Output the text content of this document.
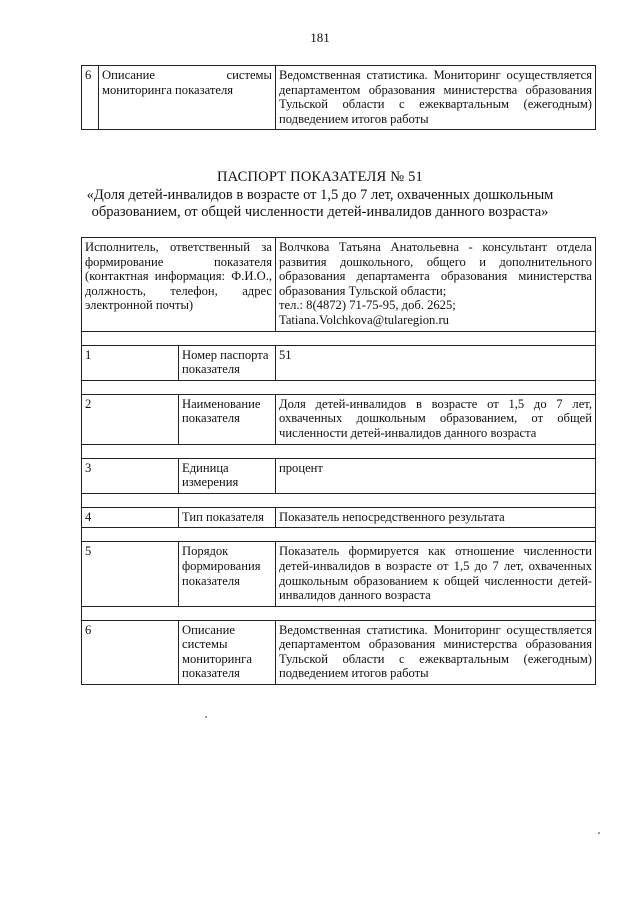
181
6	Описание системы мониторинга показателя	Ведомственная статистика. Мониторинг осуществляется департаментом образования министерства образования Тульской области с ежеквартальным (ежегодным) подведением итогов работы
ПАСПОРТ ПОКАЗАТЕЛЯ № 51
«Доля детей-инвалидов в возрасте от 1,5 до 7 лет, охваченных дошкольным
образованием, от общей численности детей-инвалидов данного возраста»
Исполнитель, ответственный за формирование показателя (контактная информация: Ф.И.О., должность, телефон, адрес электронной почты)		Волчкова Татьяна Анатольевна - консультант отдела развития дошкольного, общего и дополнительного образования департамента образования министерства образования Тульской области;
тел.: 8(4872) 71-75-95, доб. 2625;
Tatiana.Volchkova@tularegion.ru

1	Номер паспорта показателя	51

2	Наименование показателя	Доля детей-инвалидов в возрасте от 1,5 до 7 лет, охваченных дошкольным образованием, от общей численности детей-инвалидов данного возраста

3	Единица измерения	процент

4	Тип показателя	Показатель непосредственного результата

5	Порядок формирования показателя	Показатель формируется как отношение численности детей-инвалидов в возрасте от 1,5 до 7 лет, охваченных дошкольным образованием к общей численности детей-инвалидов данного возраста

6	Описание системы мониторинга показателя	Ведомственная статистика. Мониторинг осуществляется департаментом образования министерства образования Тульской области с ежеквартальным (ежегодным) подведением итогов работы
